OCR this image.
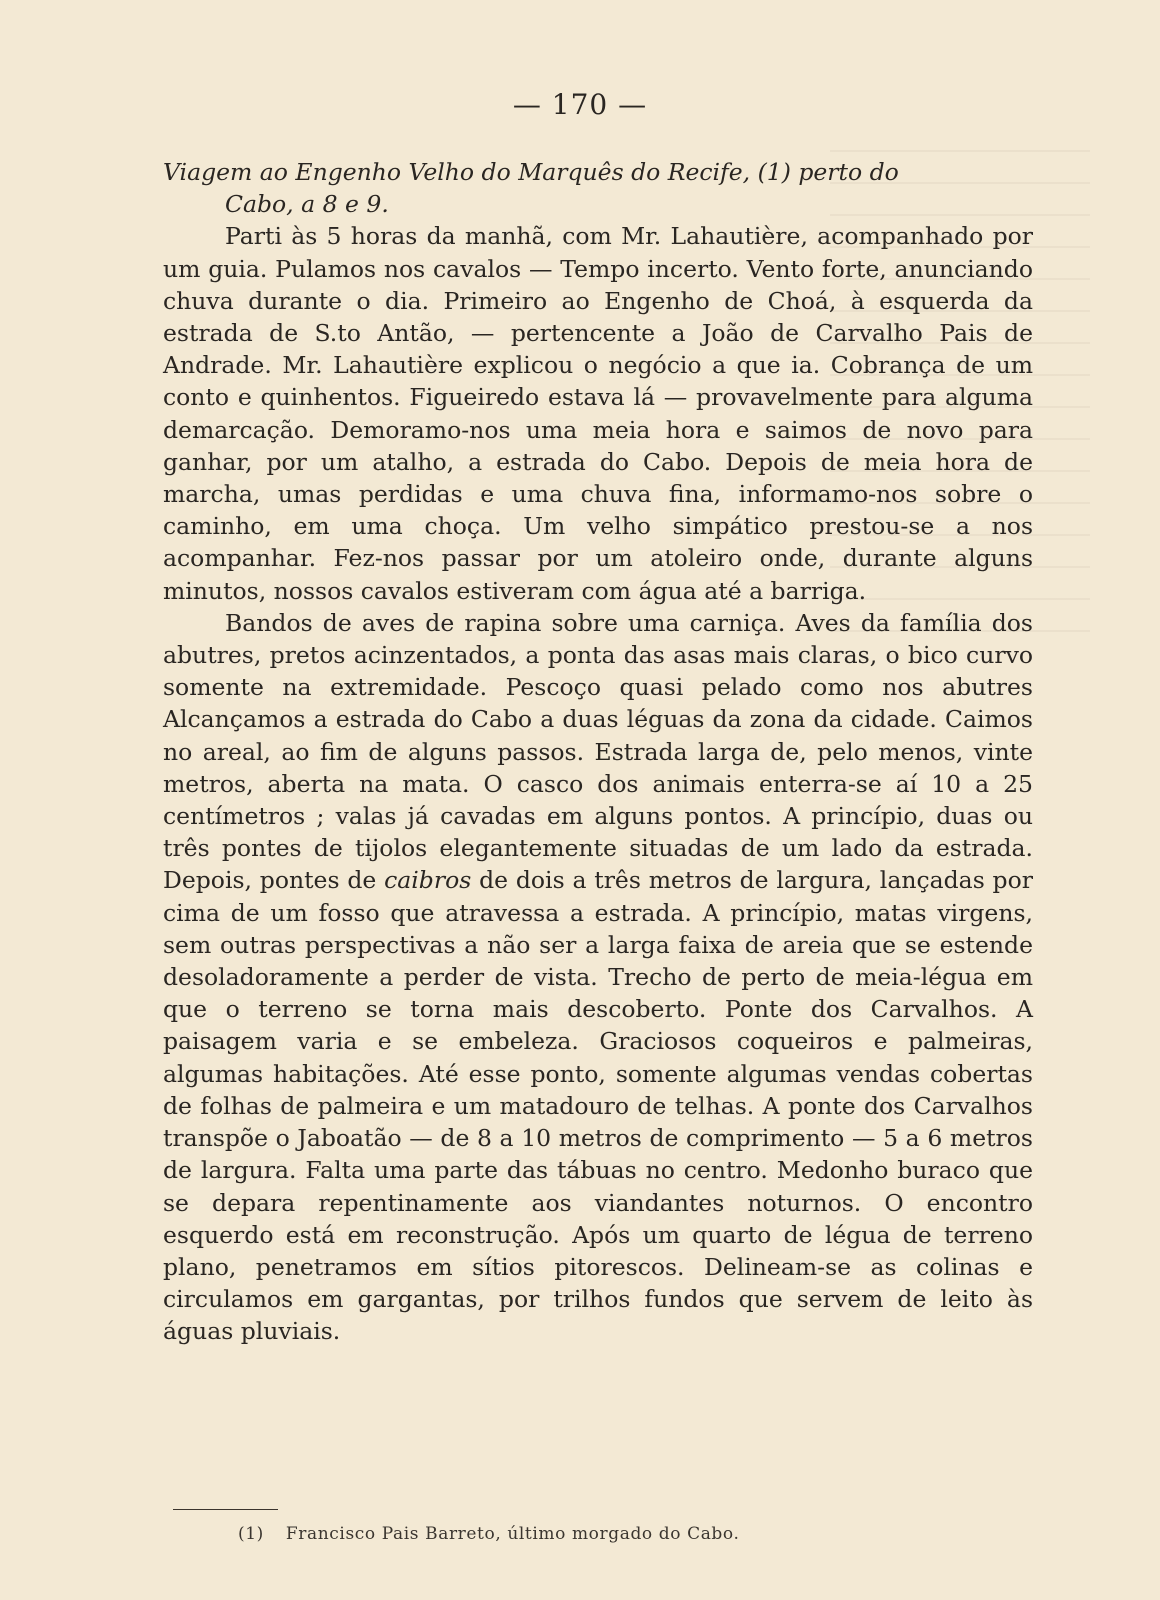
— 170 —

Viagem ao Engenho Velho do Marquês do Recife, (1) perto do
Cabo, a 8 e 9.

Parti às 5 horas da manhã, com Mr. Lahautière, acompanhado por um guia. Pulamos nos cavalos — Tempo incerto. Vento forte, anunciando chuva durante o dia. Primeiro ao Engenho de Choá, à esquerda da estrada de S.to Antão, — pertencente a João de Carvalho Pais de Andrade. Mr. Lahautière explicou o negócio a que ia. Cobrança de um conto e quinhentos. Figueiredo estava lá — provavelmente para alguma demarcação. Demoramo-nos uma meia hora e saimos de novo para ganhar, por um atalho, a estrada do Cabo. Depois de meia hora de marcha, umas perdidas e uma chuva fina, informamo-nos sobre o caminho, em uma choça. Um velho simpático prestou-se a nos acompanhar. Fez-nos passar por um atoleiro onde, durante alguns minutos, nossos cavalos estiveram com água até a barriga.

Bandos de aves de rapina sobre uma carniça. Aves da família dos abutres, pretos acinzentados, a ponta das asas mais claras, o bico curvo somente na extremidade. Pescoço quasi pelado como nos abutres Alcançamos a estrada do Cabo a duas léguas da zona da cidade. Caimos no areal, ao fim de alguns passos. Estrada larga de, pelo menos, vinte metros, aberta na mata. O casco dos animais enterra-se aí 10 a 25 centímetros ; valas já cavadas em alguns pontos. A princípio, duas ou três pontes de tijolos elegantemente situadas de um lado da estrada. Depois, pontes de caibros de dois a três metros de largura, lançadas por cima de um fosso que atravessa a estrada. A princípio, matas virgens, sem outras perspectivas a não ser a larga faixa de areia que se estende desoladoramente a perder de vista. Trecho de perto de meia-légua em que o terreno se torna mais descoberto. Ponte dos Carvalhos. A paisagem varia e se embeleza. Graciosos coqueiros e palmeiras, algumas habitações. Até esse ponto, somente algumas vendas cobertas de folhas de palmeira e um matadouro de telhas. A ponte dos Carvalhos transpõe o Jaboatão — de 8 a 10 metros de comprimento — 5 a 6 metros de largura. Falta uma parte das tábuas no centro. Medonho buraco que se depara repentinamente aos viandantes noturnos. O encontro esquerdo está em reconstrução. Após um quarto de légua de terreno plano, penetramos em sítios pitorescos. Delineam-se as colinas e circulamos em gargantas, por trilhos fundos que servem de leito às águas pluviais.

(1) Francisco Pais Barreto, último morgado do Cabo.
